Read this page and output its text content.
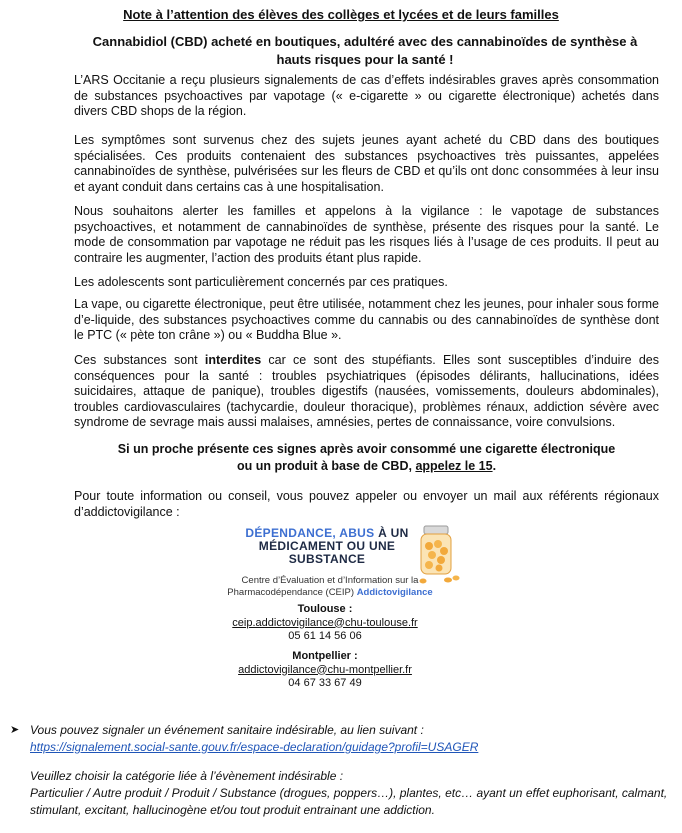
Note à l’attention des élèves des collèges et lycées et de leurs familles
Cannabidiol (CBD) acheté en boutiques, adultéré avec des cannabinoïdes de synthèse à
hauts risques pour la santé !

L’ARS Occitanie a reçu plusieurs signalements de cas d’effets indésirables graves après consommation de substances psychoactives par vapotage (« e-cigarette » ou cigarette électronique) achetés dans divers CBD shops de la région.

Les symptômes sont survenus chez des sujets jeunes ayant acheté du CBD dans des boutiques spécialisées. Ces produits contenaient des substances psychoactives très puissantes, appelées cannabinoïdes de synthèse, pulvérisées sur les fleurs de CBD et qu’ils ont donc consommées à leur insu et ayant conduit dans certains cas à une hospitalisation.

Nous souhaitons alerter les familles et appelons à la vigilance : le vapotage de substances psychoactives, et notamment de cannabinoïdes de synthèse, présente des risques pour la santé. Le mode de consommation par vapotage ne réduit pas les risques liés à l’usage de ces produits. Il peut au contraire les augmenter, l’action des produits étant plus rapide.

Les adolescents sont particulièrement concernés par ces pratiques.

La vape, ou cigarette électronique, peut être utilisée, notamment chez les jeunes, pour inhaler sous forme d’e-liquide, des substances psychoactives comme du cannabis ou des cannabinoïdes de synthèse dont le PTC (« pète ton crâne ») ou « Buddha Blue ».

Ces substances sont interdites car ce sont des stupéfiants. Elles sont susceptibles d’induire des conséquences pour la santé : troubles psychiatriques (épisodes délirants, hallucinations, idées suicidaires, attaque de panique), troubles digestifs (nausées, vomissements, douleurs abdominales), troubles cardiovasculaires (tachycardie, douleur thoracique), problèmes rénaux, addiction sévère avec syndrome de sevrage mais aussi malaises, amnésies, pertes de connaissance, voire convulsions.

Si un proche présente ces signes après avoir consommé une cigarette électronique
ou un produit à base de CBD, appelez le 15.

Pour toute information ou conseil, vous pouvez appeler ou envoyer un mail aux référents régionaux d’addictovigilance :

DÉPENDANCE, ABUS À UN
MÉDICAMENT OU UNE
SUBSTANCE
Centre d’Évaluation et d’Information sur la
Pharmacodépendance (CEIP) Addictovigilance
Toulouse :
ceip.addictovigilance@chu-toulouse.fr
05 61 14 56 06
Montpellier :
addictovigilance@chu-montpellier.fr
04 67 33 67 49
➤ Vous pouvez signaler un événement sanitaire indésirable, au lien suivant :
https://signalement.social-sante.gouv.fr/espace-declaration/guidage?profil=USAGER
Veuillez choisir la catégorie liée à l’évènement indésirable :
Particulier / Autre produit / Produit / Substance (drogues, poppers…), plantes, etc… ayant un effet euphorisant, calmant, stimulant, excitant, hallucinogène et/ou tout produit entrainant une addiction.
